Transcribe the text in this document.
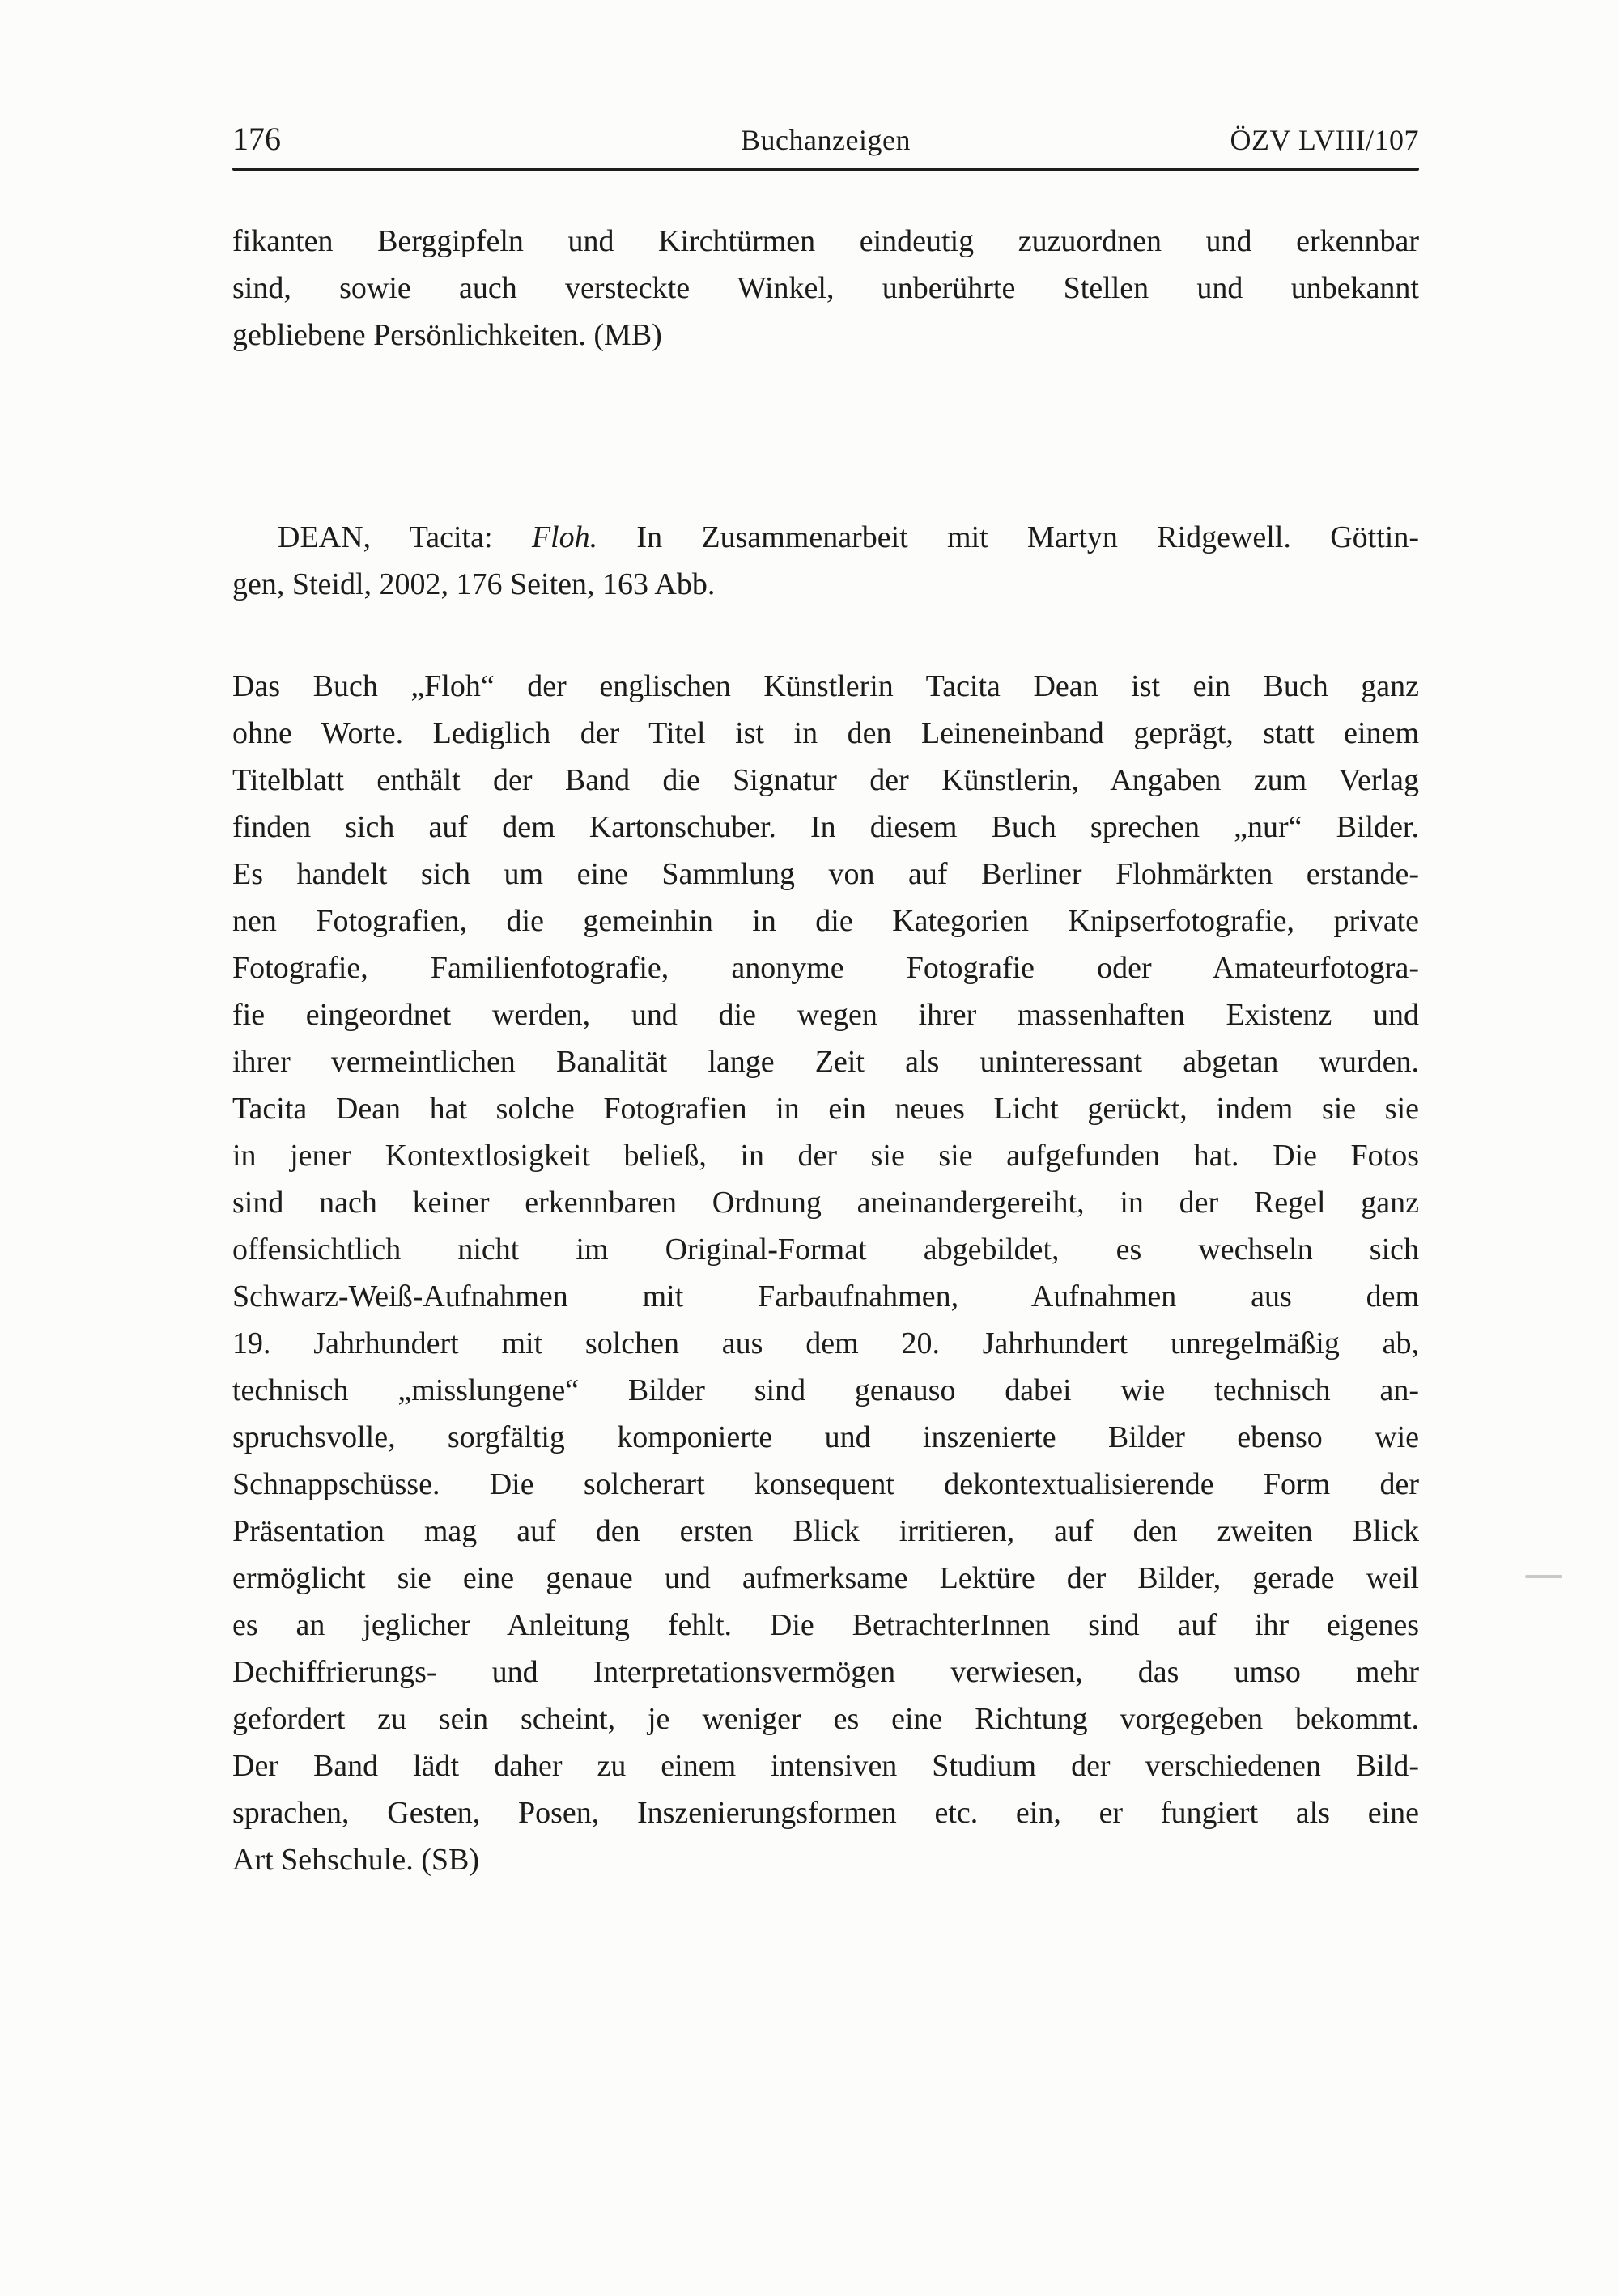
176	Buchanzeigen	ÖZV LVIII/107
fikanten Berggipfeln und Kirchtürmen eindeutig zuzuordnen und erkennbar
sind, sowie auch versteckte Winkel, unberührte Stellen und unbekannt
gebliebene Persönlichkeiten. (MB)
DEAN, Tacita: Floh. In Zusammenarbeit mit Martyn Ridgewell. Göttin-
gen, Steidl, 2002, 176 Seiten, 163 Abb.
Das Buch „Floh“ der englischen Künstlerin Tacita Dean ist ein Buch ganz
ohne Worte. Lediglich der Titel ist in den Leineneinband geprägt, statt einem
Titelblatt enthält der Band die Signatur der Künstlerin, Angaben zum Verlag
finden sich auf dem Kartonschuber. In diesem Buch sprechen „nur“ Bilder.
Es handelt sich um eine Sammlung von auf Berliner Flohmärkten erstande-
nen Fotografien, die gemeinhin in die Kategorien Knipserfotografie, private
Fotografie, Familienfotografie, anonyme Fotografie oder Amateurfotogra-
fie eingeordnet werden, und die wegen ihrer massenhaften Existenz und
ihrer vermeintlichen Banalität lange Zeit als uninteressant abgetan wurden.
Tacita Dean hat solche Fotografien in ein neues Licht gerückt, indem sie sie
in jener Kontextlosigkeit beließ, in der sie sie aufgefunden hat. Die Fotos
sind nach keiner erkennbaren Ordnung aneinandergereiht, in der Regel ganz
offensichtlich nicht im Original-Format abgebildet, es wechseln sich
Schwarz-Weiß-Aufnahmen mit Farbaufnahmen, Aufnahmen aus dem
19. Jahrhundert mit solchen aus dem 20. Jahrhundert unregelmäßig ab,
technisch „misslungene“ Bilder sind genauso dabei wie technisch an-
spruchsvolle, sorgfältig komponierte und inszenierte Bilder ebenso wie
Schnappschüsse. Die solcherart konsequent dekontextualisierende Form der
Präsentation mag auf den ersten Blick irritieren, auf den zweiten Blick
ermöglicht sie eine genaue und aufmerksame Lektüre der Bilder, gerade weil
es an jeglicher Anleitung fehlt. Die BetrachterInnen sind auf ihr eigenes
Dechiffrierungs- und Interpretationsvermögen verwiesen, das umso mehr
gefordert zu sein scheint, je weniger es eine Richtung vorgegeben bekommt.
Der Band lädt daher zu einem intensiven Studium der verschiedenen Bild-
sprachen, Gesten, Posen, Inszenierungsformen etc. ein, er fungiert als eine
Art Sehschule. (SB)
